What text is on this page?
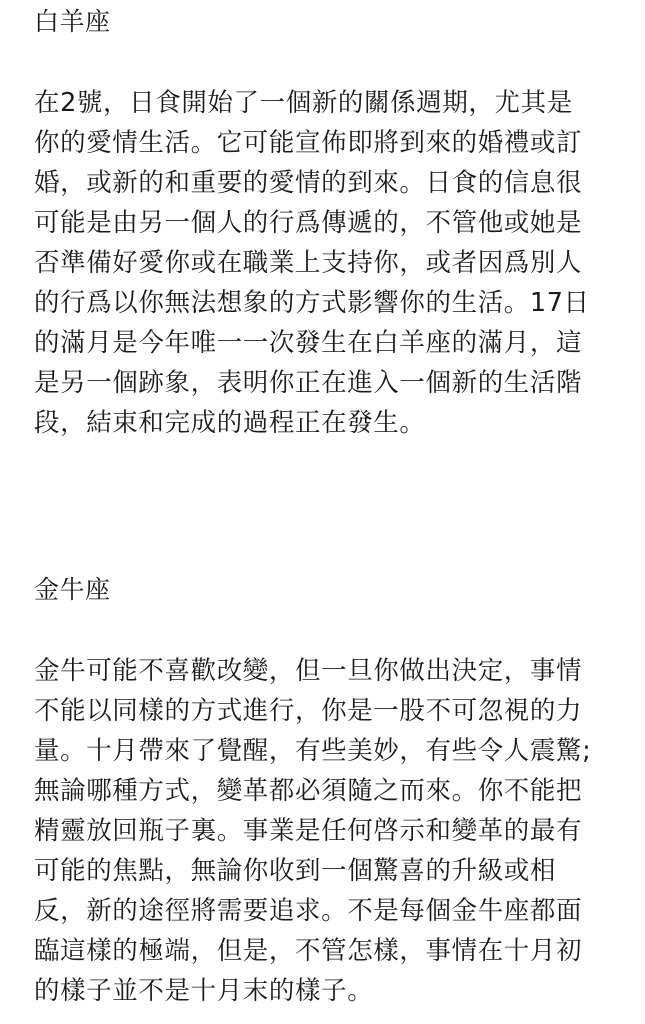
白羊座
在2號，日食開始了一個新的關係週期，尤其是
你的愛情生活。它可能宣佈即將到來的婚禮或訂
婚，或新的和重要的愛情的到來。日食的信息很
可能是由另一個人的行爲傳遞的，不管他或她是
否準備好愛你或在職業上支持你，或者因爲別人
的行爲以你無法想象的方式影響你的生活。17日
的滿月是今年唯一一次發生在白羊座的滿月，這
是另一個跡象，表明你正在進入一個新的生活階
段，結束和完成的過程正在發生。
金牛座
金牛可能不喜歡改變，但一旦你做出決定，事情
不能以同樣的方式進行，你是一股不可忽視的力
量。十月帶來了覺醒，有些美妙，有些令人震驚;
無論哪種方式，變革都必須隨之而來。你不能把
精靈放回瓶子裏。事業是任何啓示和變革的最有
可能的焦點，無論你收到一個驚喜的升級或相
反，新的途徑將需要追求。不是每個金牛座都面
臨這樣的極端，但是，不管怎樣，事情在十月初
的樣子並不是十月末的樣子。
